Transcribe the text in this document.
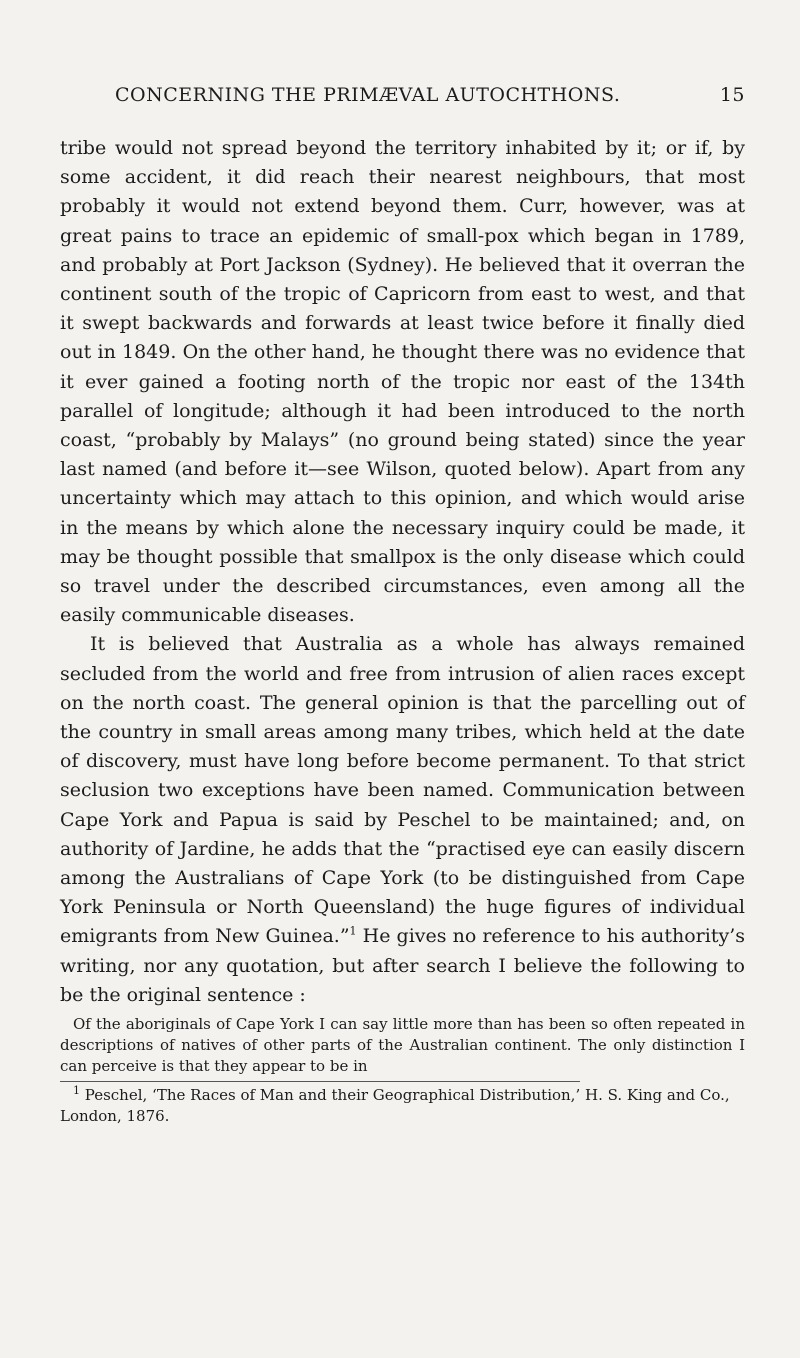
CONCERNING THE PRIMÆVAL AUTOCHTHONS.	15

tribe would not spread beyond the territory inhabited by it; or if, by some accident, it did reach their nearest neighbours, that most probably it would not extend beyond them. Curr, however, was at great pains to trace an epidemic of small-pox which began in 1789, and probably at Port Jackson (Sydney). He believed that it overran the continent south of the tropic of Capricorn from east to west, and that it swept backwards and forwards at least twice before it finally died out in 1849. On the other hand, he thought there was no evidence that it ever gained a footing north of the tropic nor east of the 134th parallel of longitude; although it had been introduced to the north coast, “probably by Malays” (no ground being stated) since the year last named (and before it—see Wilson, quoted below). Apart from any uncertainty which may attach to this opinion, and which would arise in the means by which alone the necessary inquiry could be made, it may be thought possible that smallpox is the only disease which could so travel under the described circumstances, even among all the easily communicable diseases.

It is believed that Australia as a whole has always remained secluded from the world and free from intrusion of alien races except on the north coast. The general opinion is that the parcelling out of the country in small areas among many tribes, which held at the date of discovery, must have long before become permanent. To that strict seclusion two exceptions have been named. Communication between Cape York and Papua is said by Peschel to be maintained; and, on authority of Jardine, he adds that the “practised eye can easily discern among the Australians of Cape York (to be distinguished from Cape York Peninsula or North Queensland) the huge figures of individual emigrants from New Guinea.”$^1$ He gives no reference to his authority’s writing, nor any quotation, but after search I believe the following to be the original sentence :

Of the aboriginals of Cape York I can say little more than has been so often repeated in descriptions of natives of other parts of the Australian continent. The only distinction I can perceive is that they appear to be in
$^1$ Peschel, ‘The Races of Man and their Geographical Distribution,’ H. S. King and Co., London, 1876.
